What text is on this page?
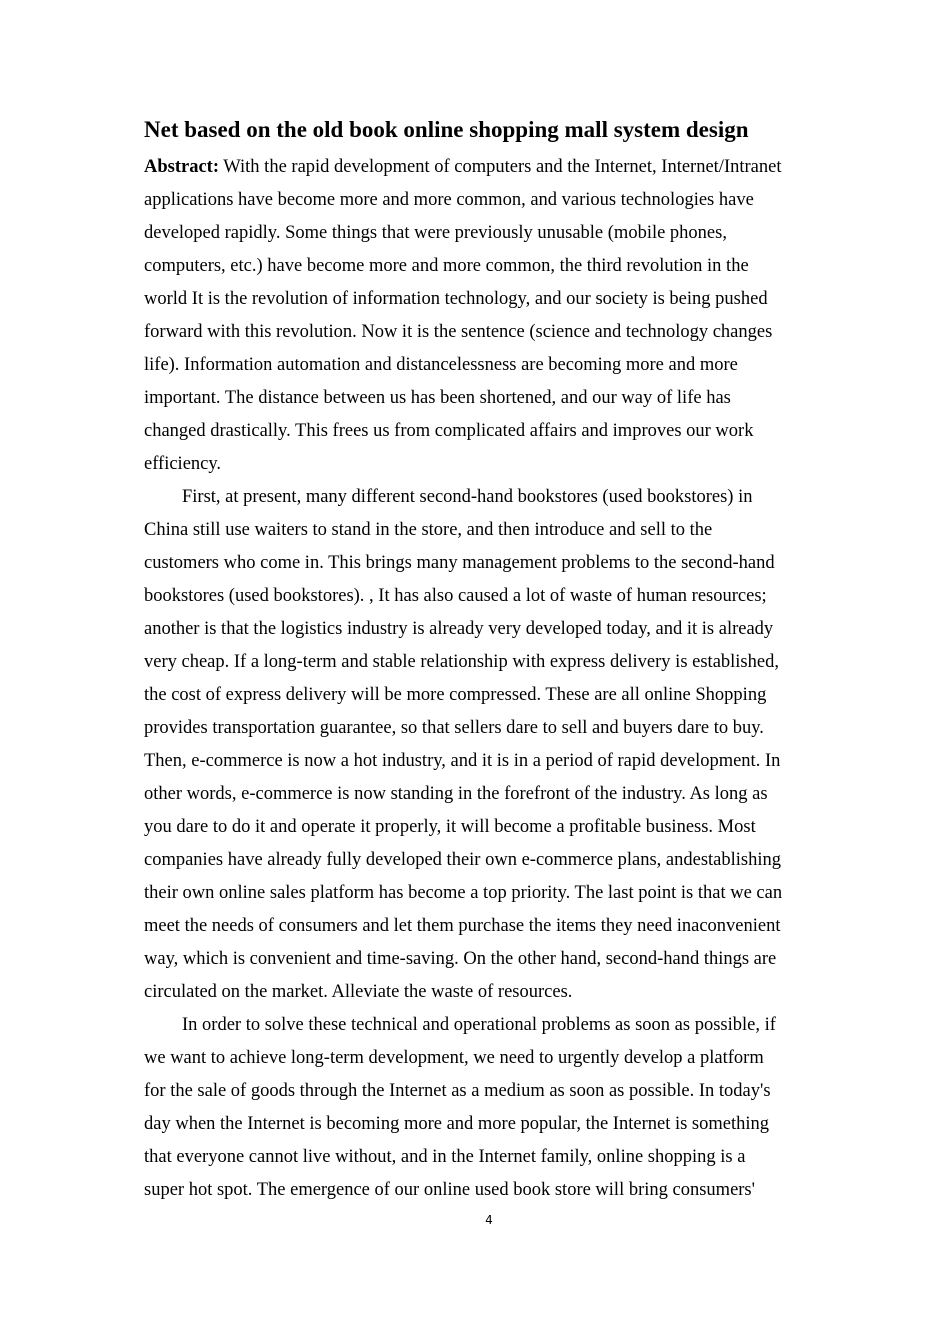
Net based on the old book online shopping mall system design

Abstract: With the rapid development of computers and the Internet, Internet/Intranet
applications have become more and more common, and various technologies have
developed rapidly. Some things that were previously unusable (mobile phones,
computers, etc.) have become more and more common, the third revolution in the
world It is the revolution of information technology, and our society is being pushed
forward with this revolution. Now it is the sentence (science and technology changes
life). Information automation and distancelessness are becoming more and more
important. The distance between us has been shortened, and our way of life has
changed drastically. This frees us from complicated affairs and improves our work
efficiency.

First, at present, many different second-hand bookstores (used bookstores) in
China still use waiters to stand in the store, and then introduce and sell to the
customers who come in. This brings many management problems to the second-hand
bookstores (used bookstores). , It has also caused a lot of waste of human resources;
another is that the logistics industry is already very developed today, and it is already
very cheap. If a long-term and stable relationship with express delivery is established,
the cost of express delivery will be more compressed. These are all online Shopping
provides transportation guarantee, so that sellers dare to sell and buyers dare to buy.
Then, e-commerce is now a hot industry, and it is in a period of rapid development. In
other words, e-commerce is now standing in the forefront of the industry. As long as
you dare to do it and operate it properly, it will become a profitable business. Most
companies have already fully developed their own e-commerce plans, andestablishing
their own online sales platform has become a top priority. The last point is that we can
meet the needs of consumers and let them purchase the items they need inaconvenient
way, which is convenient and time-saving. On the other hand, second-hand things are
circulated on the market. Alleviate the waste of resources.

In order to solve these technical and operational problems as soon as possible, if
we want to achieve long-term development, we need to urgently develop a platform
for the sale of goods through the Internet as a medium as soon as possible. In today's
day when the Internet is becoming more and more popular, the Internet is something
that everyone cannot live without, and in the Internet family, online shopping is a
super hot spot. The emergence of our online used book store will bring consumers'

4
